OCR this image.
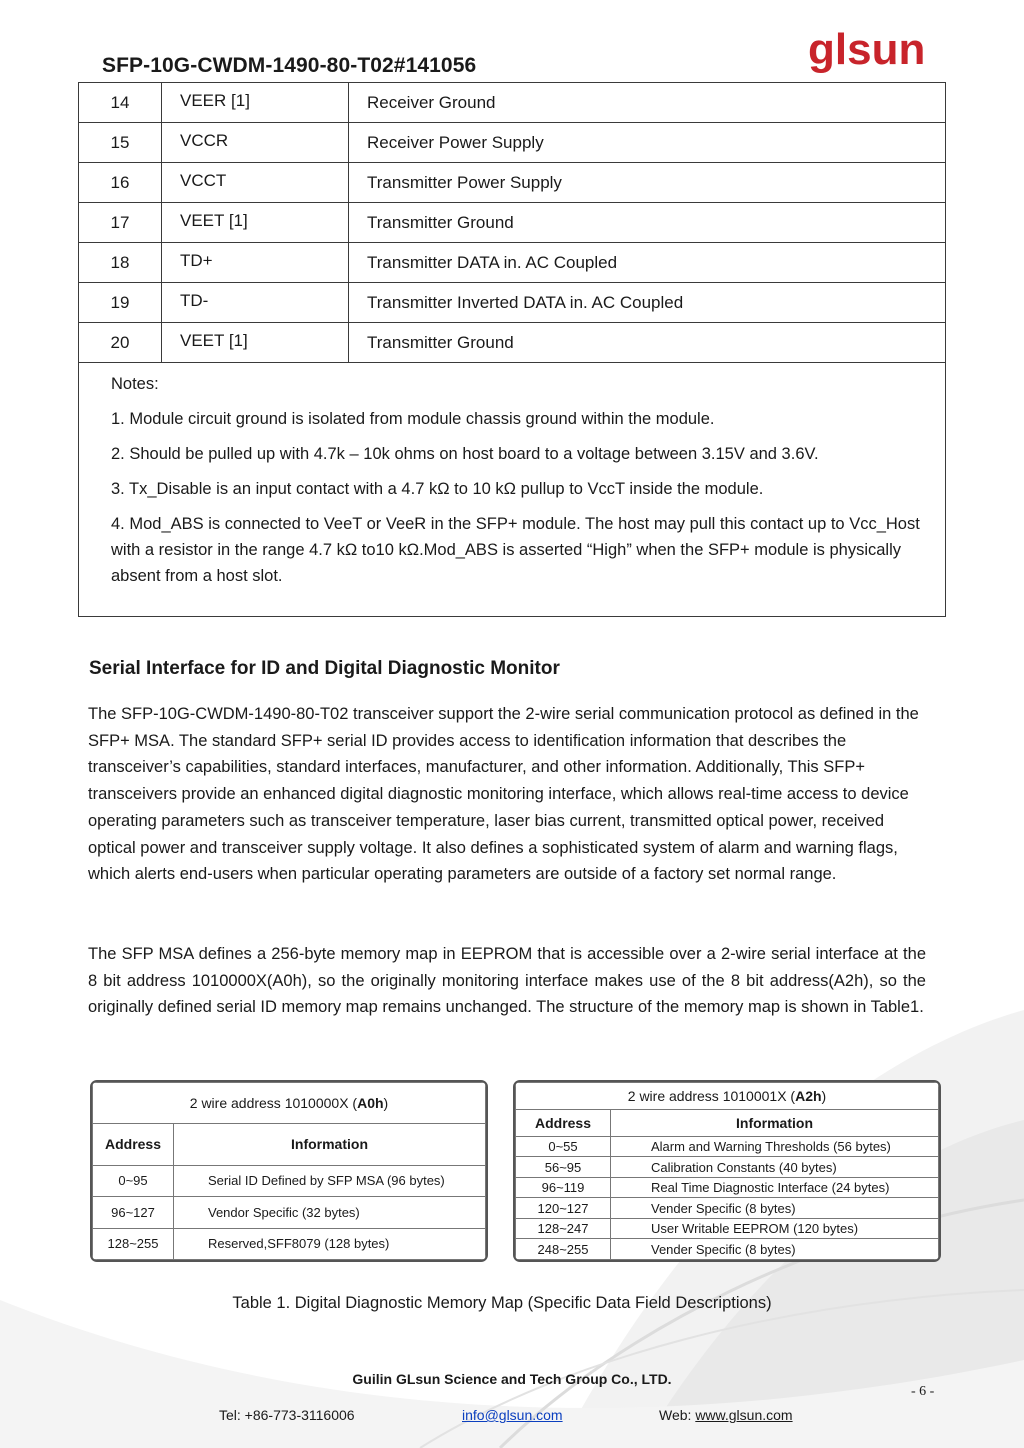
SFP-10G-CWDM-1490-80-T02#141056	glsun
14	VEER [1]	Receiver Ground
15	VCCR	Receiver Power Supply
16	VCCT	Transmitter Power Supply
17	VEET [1]	Transmitter Ground
18	TD+	Transmitter DATA in. AC Coupled
19	TD-	Transmitter Inverted DATA in. AC Coupled
20	VEET [1]	Transmitter Ground

Notes:

1. Module circuit ground is isolated from module chassis ground within the module.

2. Should be pulled up with 4.7k – 10k ohms on host board to a voltage between 3.15V and 3.6V.

3. Tx_Disable is an input contact with a 4.7 kΩ to 10 kΩ pullup to VccT inside the module.

4. Mod_ABS is connected to VeeT or VeeR in the SFP+ module. The host may pull this contact up to Vcc_Host with a resistor in the range 4.7 kΩ to10 kΩ.Mod_ABS is asserted “High” when the SFP+ module is physically absent from a host slot.

Serial Interface for ID and Digital Diagnostic Monitor

The SFP-10G-CWDM-1490-80-T02 transceiver support the 2-wire serial communication protocol as defined in the SFP+ MSA. The standard SFP+ serial ID provides access to identification information that describes the transceiver’s capabilities, standard interfaces, manufacturer, and other information. Additionally, This SFP+ transceivers provide an enhanced digital diagnostic monitoring interface, which allows real-time access to device operating parameters such as transceiver temperature, laser bias current, transmitted optical power, received optical power and transceiver supply voltage. It also defines a sophisticated system of alarm and warning flags, which alerts end-users when particular operating parameters are outside of a factory set normal range.

The SFP MSA defines a 256-byte memory map in EEPROM that is accessible over a 2-wire serial interface at the 8 bit address 1010000X(A0h), so the originally monitoring interface makes use of the 8 bit address(A2h), so the originally defined serial ID memory map remains unchanged. The structure of the memory map is shown in Table1.

2 wire address 1010000X (A0h)	
Address	Information
0~95	Serial ID Defined by SFP MSA (96 bytes)
96~127	Vendor Specific (32 bytes)
128~255	Reserved,SFF8079 (128 bytes)
2 wire address 1010001X (A2h)	
Address	Information
0~55	Alarm and Warning Thresholds (56 bytes)
56~95	Calibration Constants (40 bytes)
96~119	Real Time Diagnostic Interface (24 bytes)
120~127	Vender Specific (8 bytes)
128~247	User Writable EEPROM (120 bytes)
248~255	Vender Specific (8 bytes)
Table 1. Digital Diagnostic Memory Map (Specific Data Field Descriptions)
Guilin GLsun Science and Tech Group Co., LTD.
- 6 -
Tel: +86-773-3116006	info@glsun.com	Web: www.glsun.com
